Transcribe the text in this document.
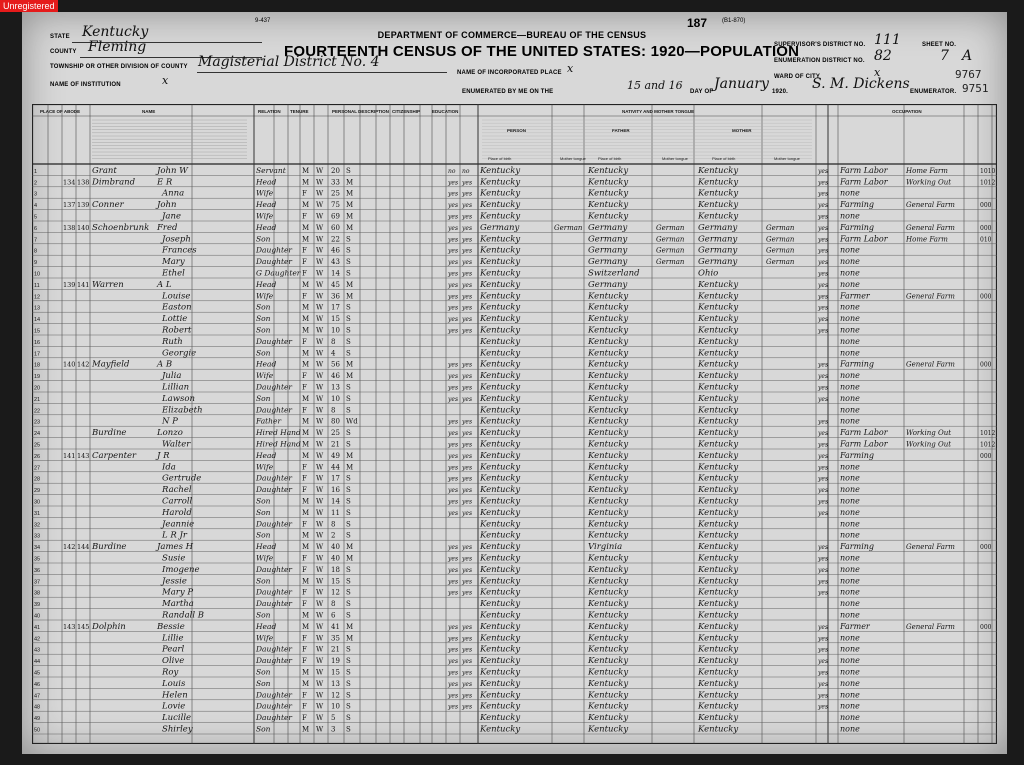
Unregistered
9-437	(B1-870)
187
DEPARTMENT OF COMMERCE—BUREAU OF THE CENSUS
FOURTEENTH CENSUS OF THE UNITED STATES: 1920—POPULATION
STATE Kentucky
COUNTY Fleming
TOWNSHIP OR OTHER DIVISION OF COUNTY Magisterial District No. 4
NAME OF INSTITUTION	x
NAME OF INCORPORATED PLACE x
ENUMERATED BY ME ON THE	15 and 16 DAY OF January 1920. S. M. Dickens ENUMERATOR.
SUPERVISOR'S DISTRICT NO. 111
ENUMERATION DISTRICT NO. 82
SHEET NO.
7 A
WARD OF CITY	x	9767
9751
PLACE OF ABODE	NAME	RELATION TENURE	PERSONAL DESCRIPTION CITIZENSHIP	EDUCATION	NATIVITY AND MOTHER TONGUE	OCCUPATION
PERSON	FATHER	MOTHER
Place of birth	Mother tongue	Place of birth	Mother tongue	Place of birth	Mother tongue
1	Grant	John W	Servant M W 20 S	no no Kentucky	Kentucky	Kentucky	yes Farm Labor	Home Farm	1010
2	134 138 Dimbrand	E R	Head	M W 33 M	yes yes Kentucky	Kentucky	Kentucky	yes Farm Labor	Working Out	1012
3	Anna	Wife	F W 25 M	yes yes Kentucky	Kentucky	Kentucky	yes none
4	137 139 Conner	John	Head	M W 75 M	yes yes Kentucky	Kentucky	Kentucky	yes Farming	General Farm	000
5	Jane	Wife	F W 69 M	yes yes Kentucky	Kentucky	Kentucky	yes none
6	138 140 Schoenbrunk Fred	Head	M W 60 M	yes yes Germany	German Germany	German Germany	German	yes Farming	General Farm	000
7	Joseph	Son	M W 22 S	yes yes Kentucky	Germany	German Germany	German	yes Farm Labor	Home Farm	010
8	Frances	Daughter F W 46 S	yes yes Kentucky	Germany	German Germany	German	yes none
9	Mary	Daughter F W 43 S	yes yes Kentucky	Germany	German Germany	German	yes none
10	Ethel	G Daughter F W 14 S	yes yes Kentucky	Switzerland	Ohio	yes none
11	139 141 Warren	A L	Head	M W 45 M	yes yes Kentucky	Germany	Kentucky	yes none
12	Louise	Wife	F W 36 M	yes yes Kentucky	Kentucky	Kentucky	yes Farmer	General Farm	000
13	Easton	Son	M W 17 S	yes yes Kentucky	Kentucky	Kentucky	yes none
14	Lottie	Son	M W 15 S	yes yes Kentucky	Kentucky	Kentucky	yes none
15	Robert	Son	M W 10 S	yes yes Kentucky	Kentucky	Kentucky	yes none
16	Ruth	Daughter F W 8 S	Kentucky	Kentucky	Kentucky	none
17	Georgie	Son	M W 4 S	Kentucky	Kentucky	Kentucky	none
18	140 142 Mayfield	A B	Head	M W 56 M	yes yes Kentucky	Kentucky	Kentucky	yes Farming	General Farm	000
19	Julia	Wife	F W 46 M	yes yes Kentucky	Kentucky	Kentucky	yes none
20	Lillian	Daughter F W 13 S	yes yes Kentucky	Kentucky	Kentucky	yes none
21	Lawson	Son	M W 10 S	yes yes Kentucky	Kentucky	Kentucky	yes none
22	Elizabeth	Daughter F W 8 S	Kentucky	Kentucky	Kentucky	none
23	N P	Father	M W 80 Wd	yes yes Kentucky	Kentucky	Kentucky	yes none
24	Burdine	Lonzo	Hired Hand M W 25 S	yes yes Kentucky	Kentucky	Kentucky	yes Farm Labor	Working Out	1012
25	Walter	Hired Hand M W 21 S	yes yes Kentucky	Kentucky	Kentucky	yes Farm Labor	Working Out	1012
26	141 143 Carpenter J R	Head	M W 49 M	yes yes Kentucky	Kentucky	Kentucky	yes Farming	000
27	Ida	Wife	F W 44 M	yes yes Kentucky	Kentucky	Kentucky	yes none
28	Gertrude	Daughter F W 17 S	yes yes Kentucky	Kentucky	Kentucky	yes none
29	Rachel	Daughter F W 16 S	yes yes Kentucky	Kentucky	Kentucky	yes none
30	Carroll	Son	M W 14 S	yes yes Kentucky	Kentucky	Kentucky	yes none
31	Harold	Son	M W 11 S	yes yes Kentucky	Kentucky	Kentucky	yes none
32	Jeannie	Daughter F W 8 S	Kentucky	Kentucky	Kentucky	none
33	L R Jr	Son	M W 2 S	Kentucky	Kentucky	Kentucky	none
34	142 144 Burdine	James H	Head	M W 40 M	yes yes Kentucky	Virginia	Kentucky	yes Farming	General Farm	000
35	Susie	Wife	F W 40 M	yes yes Kentucky	Kentucky	Kentucky	yes none
36	Imogene	Daughter F W 18 S	yes yes Kentucky	Kentucky	Kentucky	yes none
37	Jessie	Son	M W 15 S	yes yes Kentucky	Kentucky	Kentucky	yes none
38	Mary P	Daughter F W 12 S	yes yes Kentucky	Kentucky	Kentucky	yes none
39	Martha	Daughter F W 8 S	Kentucky	Kentucky	Kentucky	none
40	Randall B	Son	M W 6 S	Kentucky	Kentucky	Kentucky	none
41	143 145 Dolphin	Bessie	Head	M W 41 M	yes yes Kentucky	Kentucky	Kentucky	yes Farmer	General Farm	000
42	Lillie	Wife	F W 35 M	yes yes Kentucky	Kentucky	Kentucky	yes none
43	Pearl	Daughter F W 21 S	yes yes Kentucky	Kentucky	Kentucky	yes none
44	Olive	Daughter F W 19 S	yes yes Kentucky	Kentucky	Kentucky	yes none
45	Roy	Son	M W 15 S	yes yes Kentucky	Kentucky	Kentucky	yes none
46	Louis	Son	M W 13 S	yes yes Kentucky	Kentucky	Kentucky	yes none
47	Helen	Daughter F W 12 S	yes yes Kentucky	Kentucky	Kentucky	yes none
48	Lovie	Daughter F W 10 S	yes yes Kentucky	Kentucky	Kentucky	yes none
49	Lucille	Daughter F W 5 S	Kentucky	Kentucky	Kentucky	none
50	Shirley	Son	M W 3 S	Kentucky	Kentucky	Kentucky	none
